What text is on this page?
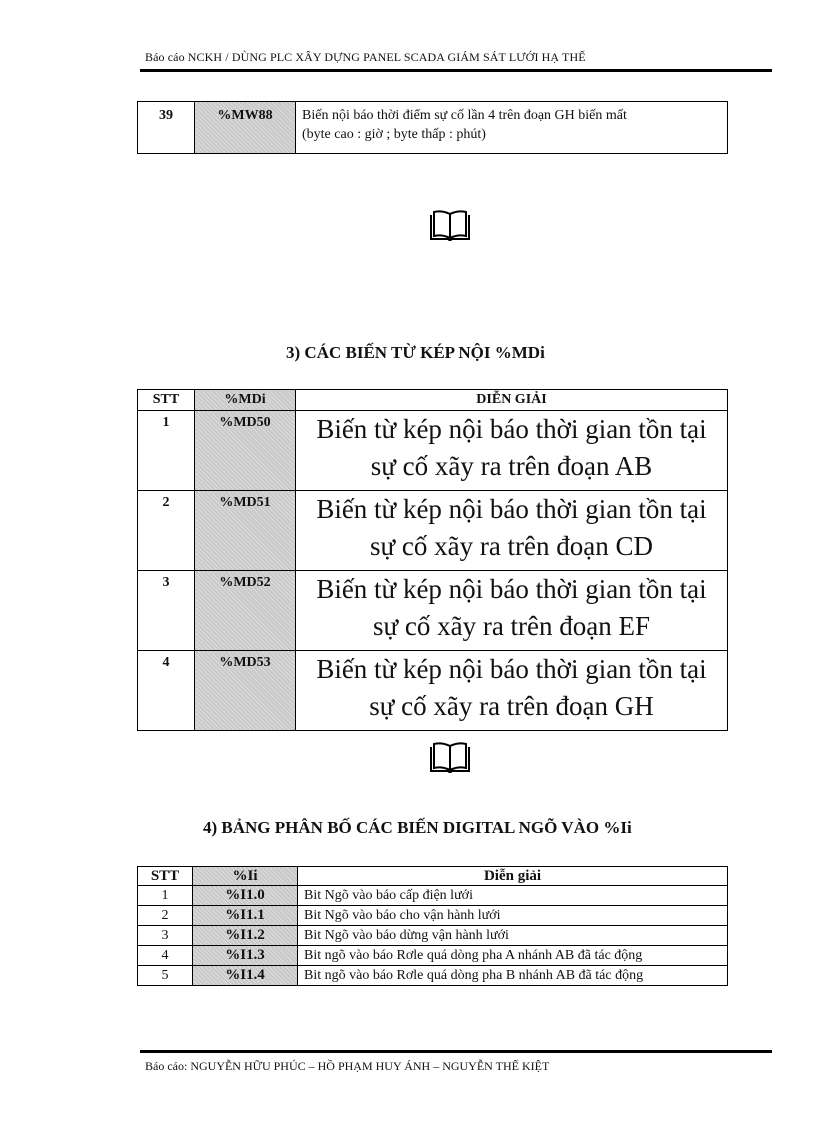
Báo cáo NCKH / DÙNG PLC XÂY DỰNG PANEL SCADA GIÁM SÁT LƯỚI HẠ THẾ
39	%MW88	Biến nội báo thời điểm sự cố lần 4 trên đoạn GH biến mất
(byte cao : giờ ; byte thấp : phút)
3) CÁC BIẾN TỪ KÉP NỘI %MDi
STT	%MDi	DIỄN GIẢI
1	%MD50	Biến từ kép nội báo thời gian tồn tại
sự cố xãy ra trên đoạn AB

2	%MD51	Biến từ kép nội báo thời gian tồn tại
sự cố xãy ra trên đoạn CD

3	%MD52	Biến từ kép nội báo thời gian tồn tại
sự cố xãy ra trên đoạn EF

4	%MD53	Biến từ kép nội báo thời gian tồn tại
sự cố xãy ra trên đoạn GH
4) BẢNG PHÂN BỐ CÁC BIẾN DIGITAL NGÕ VÀO %Ii
STT	%Ii	Diễn giải
1	%I1.0	Bit Ngõ vào báo cấp điện lưới
2	%I1.1	Bit Ngõ vào báo cho vận hành lưới
3	%I1.2	Bit Ngõ vào báo dừng vận hành lưới
4	%I1.3	Bit ngõ vào báo Rơle quá dòng pha A nhánh AB đã tác động
5	%I1.4	Bit ngõ vào báo Rơle quá dòng pha B nhánh AB đã tác động
Báo cáo: NGUYỄN HỮU PHÚC – HỒ PHẠM HUY ÁNH – NGUYỄN THẾ KIỆT
